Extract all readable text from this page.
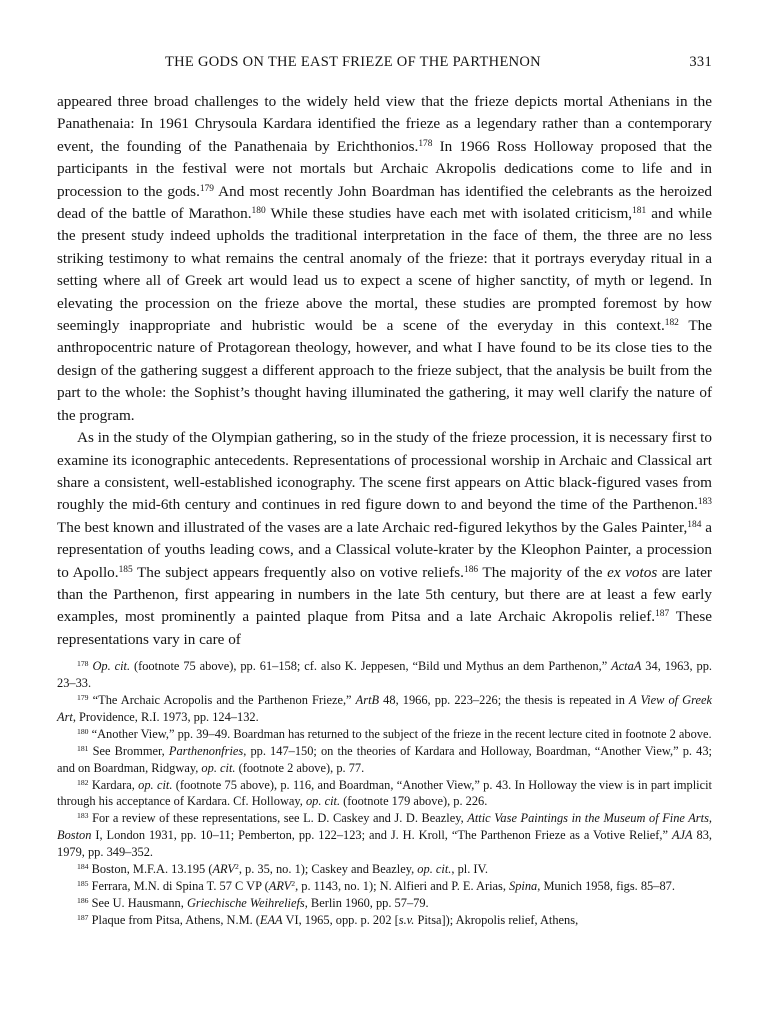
THE GODS ON THE EAST FRIEZE OF THE PARTHENON	331

appeared three broad challenges to the widely held view that the frieze depicts mortal Athenians in the Panathenaia: In 1961 Chrysoula Kardara identified the frieze as a legendary rather than a contemporary event, the founding of the Panathenaia by Erichthonios.$^{178}$ In 1966 Ross Holloway proposed that the participants in the festival were not mortals but Archaic Akropolis dedications come to life and in procession to the gods.$^{179}$ And most recently John Boardman has identified the celebrants as the heroized dead of the battle of Marathon.$^{180}$ While these studies have each met with isolated criticism,$^{181}$ and while the present study indeed upholds the traditional interpretation in the face of them, the three are no less striking testimony to what remains the central anomaly of the frieze: that it portrays everyday ritual in a setting where all of Greek art would lead us to expect a scene of higher sanctity, of myth or legend. In elevating the procession on the frieze above the mortal, these studies are prompted foremost by how seemingly inappropriate and hubristic would be a scene of the everyday in this context.$^{182}$ The anthropocentric nature of Protagorean theology, however, and what I have found to be its close ties to the design of the gathering suggest a different approach to the frieze subject, that the analysis be built from the part to the whole: the Sophist’s thought having illuminated the gathering, it may well clarify the nature of the program.

As in the study of the Olympian gathering, so in the study of the frieze procession, it is necessary first to examine its iconographic antecedents. Representations of processional worship in Archaic and Classical art share a consistent, well-established iconography. The scene first appears on Attic black-figured vases from roughly the mid-6th century and continues in red figure down to and beyond the time of the Parthenon.$^{183}$ The best known and illustrated of the vases are a late Archaic red-figured lekythos by the Gales Painter,$^{184}$ a representation of youths leading cows, and a Classical volute-krater by the Kleophon Painter, a procession to Apollo.$^{185}$ The subject appears frequently also on votive reliefs.$^{186}$ The majority of the ex votos are later than the Parthenon, first appearing in numbers in the late 5th century, but there are at least a few early examples, most prominently a painted plaque from Pitsa and a late Archaic Akropolis relief.$^{187}$ These representations vary in care of

$^{178}$ Op. cit. (footnote 75 above), pp. 61–158; cf. also K. Jeppesen, “Bild und Mythus an dem Parthenon,” ActaA 34, 1963, pp. 23–33.

$^{179}$ “The Archaic Acropolis and the Parthenon Frieze,” ArtB 48, 1966, pp. 223–226; the thesis is repeated in A View of Greek Art, Providence, R.I. 1973, pp. 124–132.

$^{180}$ “Another View,” pp. 39–49. Boardman has returned to the subject of the frieze in the recent lecture cited in footnote 2 above.

$^{181}$ See Brommer, Parthenonfries, pp. 147–150; on the theories of Kardara and Holloway, Boardman, “Another View,” p. 43; and on Boardman, Ridgway, op. cit. (footnote 2 above), p. 77.

$^{182}$ Kardara, op. cit. (footnote 75 above), p. 116, and Boardman, “Another View,” p. 43. In Holloway the view is in part implicit through his acceptance of Kardara. Cf. Holloway, op. cit. (footnote 179 above), p. 226.

$^{183}$ For a review of these representations, see L. D. Caskey and J. D. Beazley, Attic Vase Paintings in the Museum of Fine Arts, Boston I, London 1931, pp. 10–11; Pemberton, pp. 122–123; and J. H. Kroll, “The Parthenon Frieze as a Votive Relief,” AJA 83, 1979, pp. 349–352.

$^{184}$ Boston, M.F.A. 13.195 (ARV$^2$, p. 35, no. 1); Caskey and Beazley, op. cit., pl. IV.

$^{185}$ Ferrara, M.N. di Spina T. 57 C VP (ARV$^2$, p. 1143, no. 1); N. Alfieri and P. E. Arias, Spina, Munich 1958, figs. 85–87.

$^{186}$ See U. Hausmann, Griechische Weihreliefs, Berlin 1960, pp. 57–79.

$^{187}$ Plaque from Pitsa, Athens, N.M. (EAA VI, 1965, opp. p. 202 [s.v. Pitsa]); Akropolis relief, Athens,
